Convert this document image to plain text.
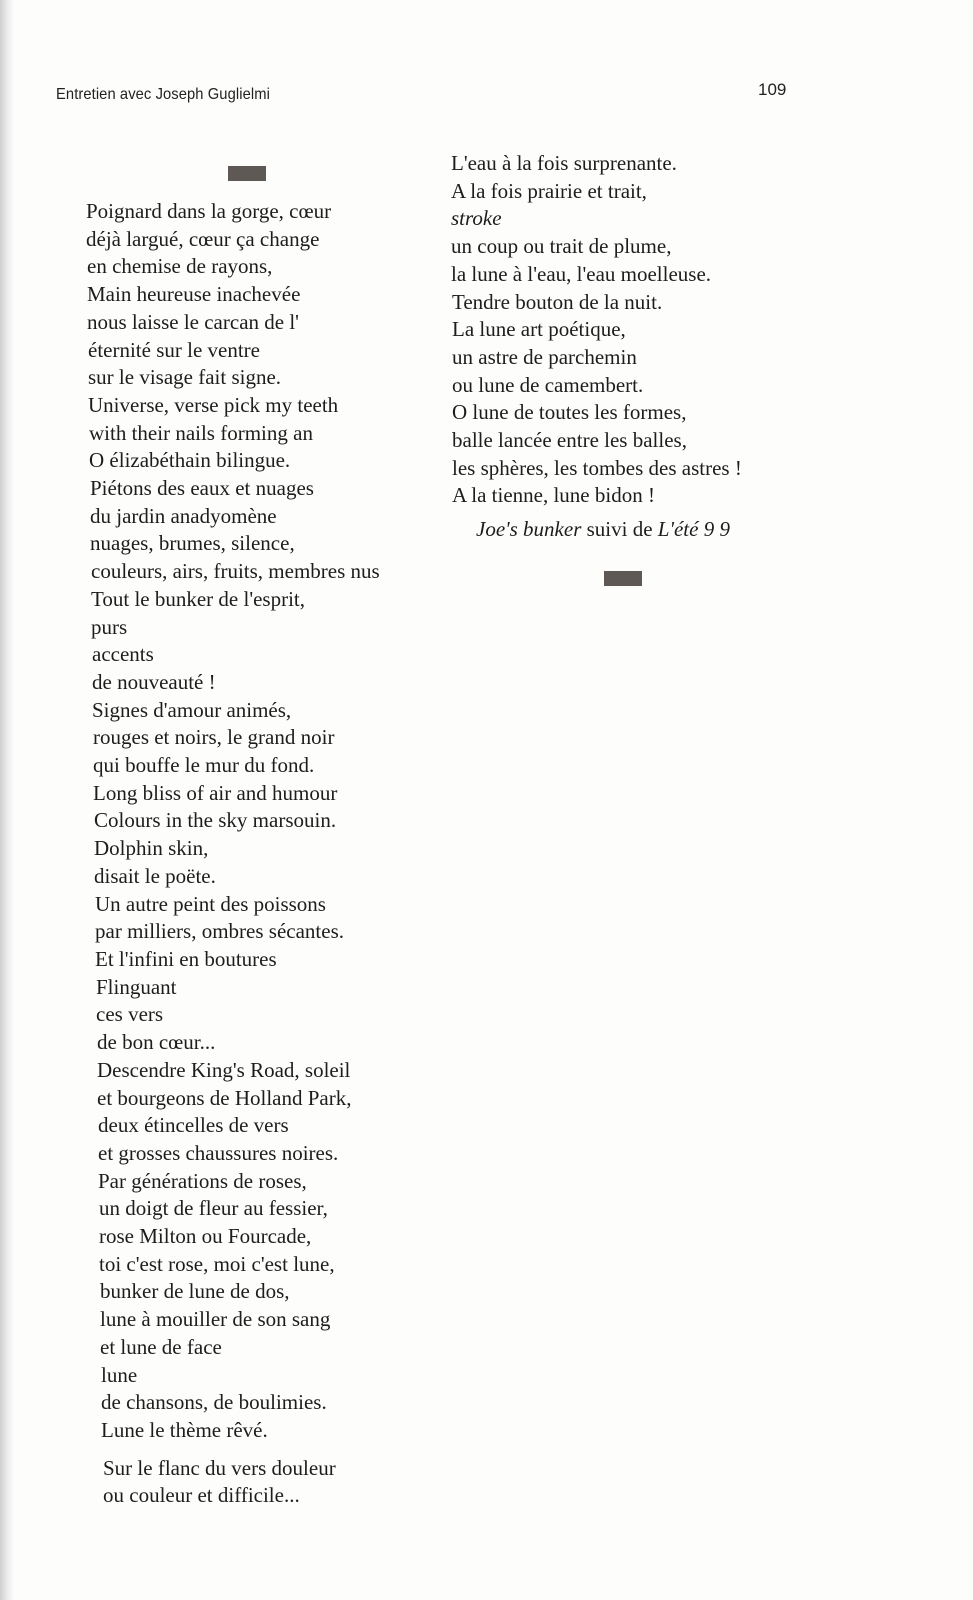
Entretien avec Joseph Guglielmi	109
Poignard dans la gorge, cœur
déjà largué, cœur ça change
en chemise de rayons,
Main heureuse inachevée
nous laisse le carcan de l'
éternité sur le ventre
sur le visage fait signe.
Universe, verse pick my teeth
with their nails forming an
O élizabéthain bilingue.
Piétons des eaux et nuages
du jardin anadyomène
nuages, brumes, silence,
couleurs, airs, fruits, membres nus
Tout le bunker de l'esprit,
purs
accents
de nouveauté !
Signes d'amour animés,
rouges et noirs, le grand noir
qui bouffe le mur du fond.
Long bliss of air and humour
Colours in the sky marsouin.
Dolphin skin,
disait le poëte.
Un autre peint des poissons
par milliers, ombres sécantes.
Et l'infini en boutures
Flinguant
ces vers
de bon cœur...
Descendre King's Road, soleil
et bourgeons de Holland Park,
deux étincelles de vers
et grosses chaussures noires.
Par générations de roses,
un doigt de fleur au fessier,
rose Milton ou Fourcade,
toi c'est rose, moi c'est lune,
bunker de lune de dos,
lune à mouiller de son sang
et lune de face
lune
de chansons, de boulimies.
Lune le thème rêvé.
Sur le flanc du vers douleur
ou couleur et difficile...
L'eau à la fois surprenante.
A la fois prairie et trait,
stroke
un coup ou trait de plume,
la lune à l'eau, l'eau moelleuse.
Tendre bouton de la nuit.
La lune art poétique,
un astre de parchemin
ou lune de camembert.
O lune de toutes les formes,
balle lancée entre les balles,
les sphères, les tombes des astres !
A la tienne, lune bidon !
Joe's bunker suivi de L'été 9 9
